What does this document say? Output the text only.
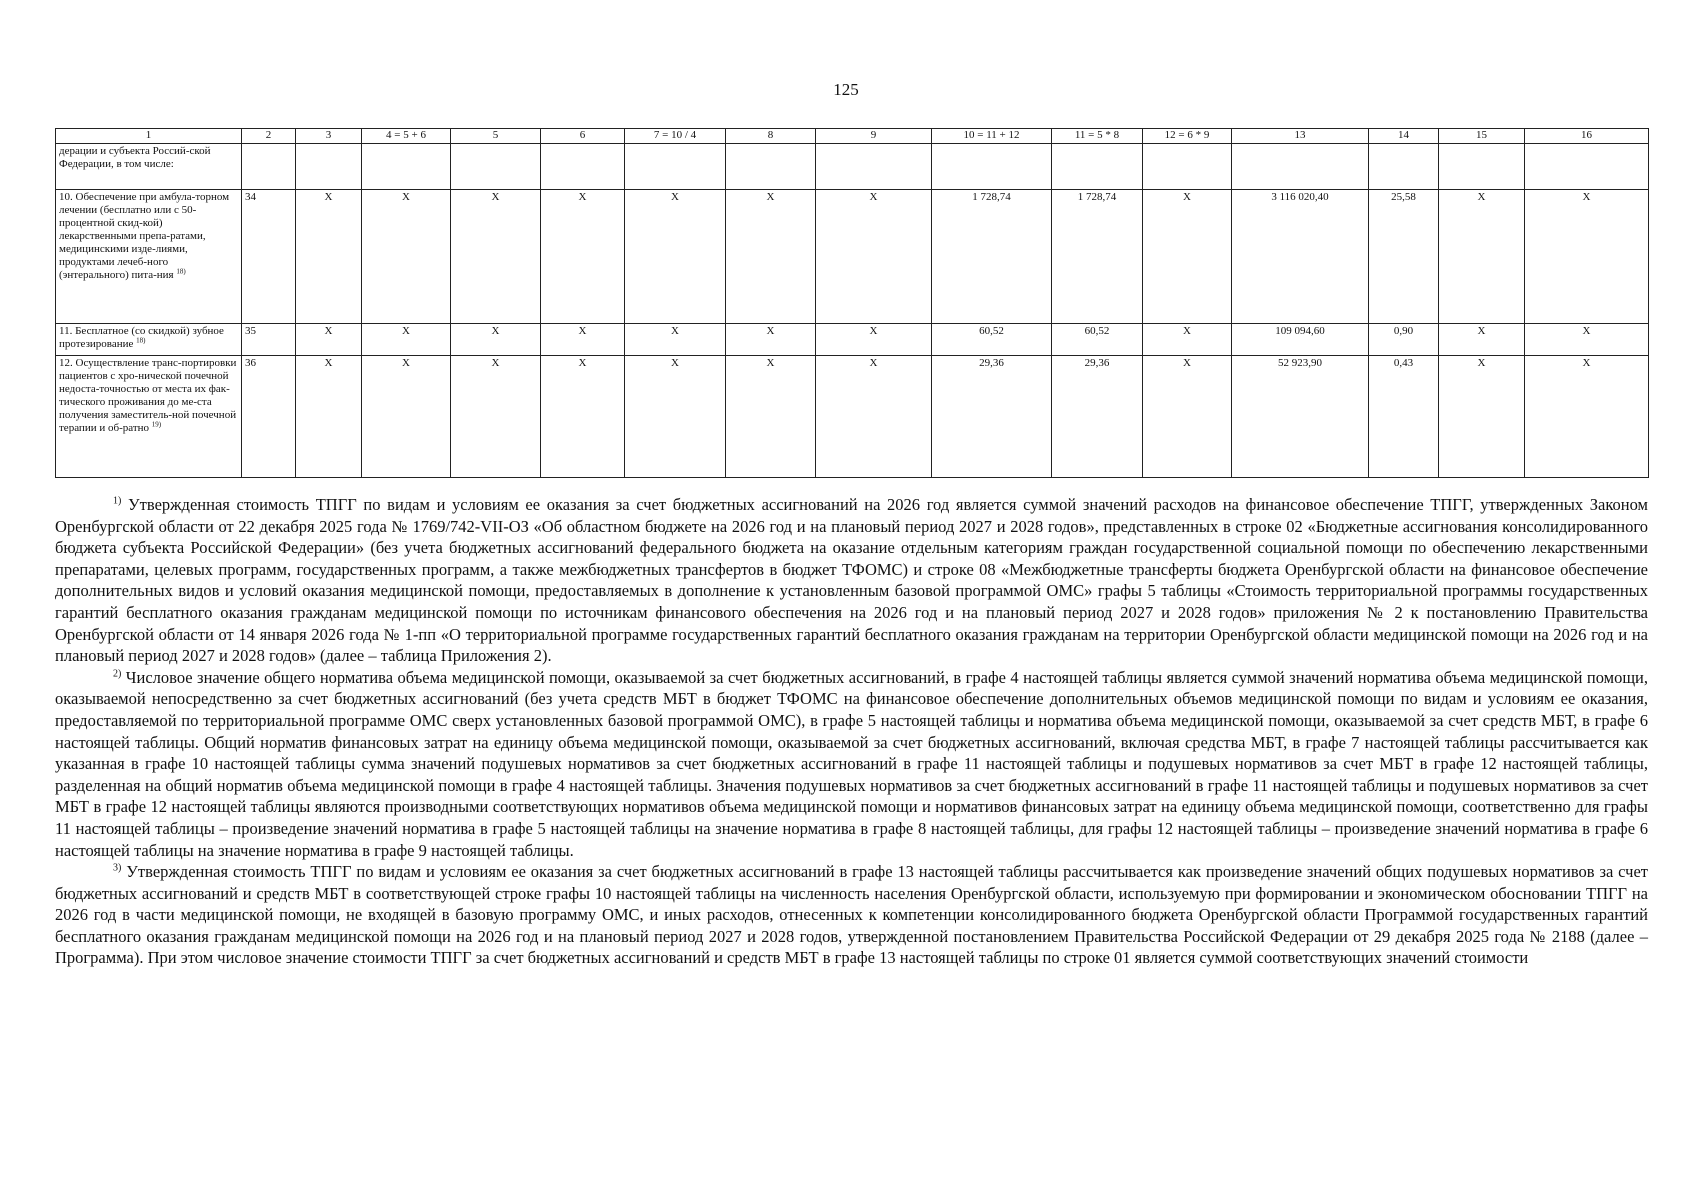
125
1	2	3	4 = 5 + 6	5	6	7 = 10 / 4	8	9	10 = 11 + 12	11 = 5 * 8	12 = 6 * 9	13	14	15	16
дерации и субъекта Россий-ской Федерации, в том числе:															
10. Обеспечение при амбула-торном лечении (бесплатно или с 50-процентной скид-кой) лекарственными препа-ратами, медицинскими изде-лиями, продуктами лечеб-ного (энтерального) пита-ния $^{18)}$	34	X	X	X	X	X	X	X	1 728,74	1 728,74	X	3 116 020,40	25,58	X	X
11. Бесплатное (со скидкой) зубное протезирование $^{18)}$	35	X	X	X	X	X	X	X	60,52	60,52	X	109 094,60	0,90	X	X
12. Осуществление транс-портировки пациентов с хро-нической почечной недоста-точностью от места их фак-тического проживания до ме-ста получения заместитель-ной почечной терапии и об-ратно $^{19)}$	36	X	X	X	X	X	X	X	29,36	29,36	X	52 923,90	0,43	X	X

$^{1)}$ Утвержденная стоимость ТПГГ по видам и условиям ее оказания за счет бюджетных ассигнований на 2026 год является суммой значений расходов на финансовое обеспечение ТПГГ, утвержденных Законом Оренбургской области от 22 декабря 2025 года № 1769/742-VII-ОЗ «Об областном бюджете на 2026 год и на плановый период 2027 и 2028 годов», представленных в строке 02 «Бюджетные ассигнования консолидированного бюджета субъекта Российской Федерации» (без учета бюджетных ассигнований федерального бюджета на оказание отдельным категориям граждан государственной социальной помощи по обеспечению лекарственными препаратами, целевых программ, государственных программ, а также межбюджетных трансфертов в бюджет ТФОМС) и строке 08 «Межбюджетные трансферты бюджета Оренбургской области на финансовое обеспечение дополнительных видов и условий оказания медицинской помощи, предоставляемых в дополнение к установленным базовой программой ОМС» графы 5 таблицы «Стоимость территориальной программы государственных гарантий бесплатного оказания гражданам медицинской помощи по источникам финансового обеспечения на 2026 год и на плановый период 2027 и 2028 годов» приложения № 2 к постановлению Правительства Оренбургской области от 14 января 2026 года № 1-пп «О территориальной программе государственных гарантий бесплатного оказания гражданам на территории Оренбургской области медицинской помощи на 2026 год и на плановый период 2027 и 2028 годов» (далее – таблица Приложения 2).

$^{2)}$ Числовое значение общего норматива объема медицинской помощи, оказываемой за счет бюджетных ассигнований, в графе 4 настоящей таблицы является суммой значений норматива объема медицинской помощи, оказываемой непосредственно за счет бюджетных ассигнований (без учета средств МБТ в бюджет ТФОМС на финансовое обеспечение дополнительных объемов медицинской помощи по видам и условиям ее оказания, предоставляемой по территориальной программе ОМС сверх установленных базовой программой ОМС), в графе 5 настоящей таблицы и норматива объема медицинской помощи, оказываемой за счет средств МБТ, в графе 6 настоящей таблицы. Общий норматив финансовых затрат на единицу объема медицинской помощи, оказываемой за счет бюджетных ассигнований, включая средства МБТ, в графе 7 настоящей таблицы рассчитывается как указанная в графе 10 настоящей таблицы сумма значений подушевых нормативов за счет бюджетных ассигнований в графе 11 настоящей таблицы и подушевых нормативов за счет МБТ в графе 12 настоящей таблицы, разделенная на общий норматив объема медицинской помощи в графе 4 настоящей таблицы. Значения подушевых нормативов за счет бюджетных ассигнований в графе 11 настоящей таблицы и подушевых нормативов за счет МБТ в графе 12 настоящей таблицы являются производными соответствующих нормативов объема медицинской помощи и нормативов финансовых затрат на единицу объема медицинской помощи, соответственно для графы 11 настоящей таблицы – произведение значений норматива в графе 5 настоящей таблицы на значение норматива в графе 8 настоящей таблицы, для графы 12 настоящей таблицы – произведение значений норматива в графе 6 настоящей таблицы на значение норматива в графе 9 настоящей таблицы.

$^{3)}$ Утвержденная стоимость ТПГГ по видам и условиям ее оказания за счет бюджетных ассигнований в графе 13 настоящей таблицы рассчитывается как произведение значений общих подушевых нормативов за счет бюджетных ассигнований и средств МБТ в соответствующей строке графы 10 настоящей таблицы на численность населения Оренбургской области, используемую при формировании и экономическом обосновании ТПГГ на 2026 год в части медицинской помощи, не входящей в базовую программу ОМС, и иных расходов, отнесенных к компетенции консолидированного бюджета Оренбургской области Программой государственных гарантий бесплатного оказания гражданам медицинской помощи на 2026 год и на плановый период 2027 и 2028 годов, утвержденной постановлением Правительства Российской Федерации от 29 декабря 2025 года № 2188 (далее –Программа). При этом числовое значение стоимости ТПГГ за счет бюджетных ассигнований и средств МБТ в графе 13 настоящей таблицы по строке 01 является суммой соответствующих значений стоимости
